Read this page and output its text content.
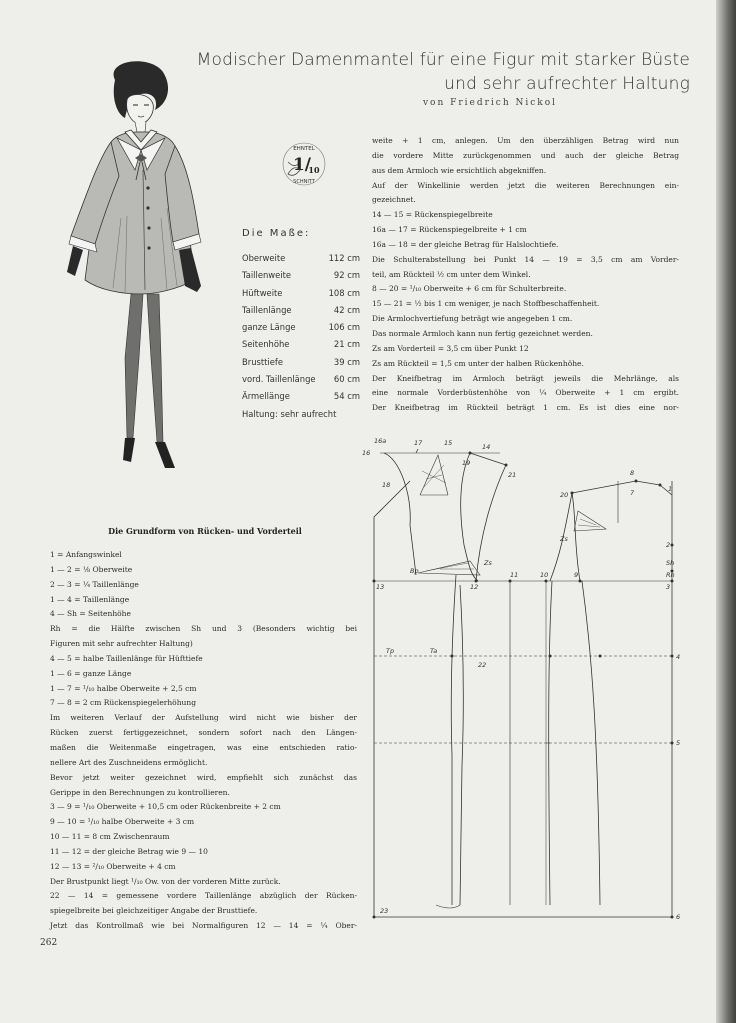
Modischer Damenmantel für eine Figur mit starker Büste
und sehr aufrechter Haltung
von Friedrich Nickol
EHNTEL
1/
10
SCHNITT
Die Maße:
Oberweite	112 cm
Taillenweite	92 cm
Hüftweite	108 cm
Taillenlänge	42 cm
ganze Länge	106 cm
Seitenhöhe	21 cm
Brusttiefe	39 cm
vord. Taillenlänge 60 cm
Ärmellänge	54 cm
Haltung: sehr aufrecht

weite + 1 cm, anlegen. Um den überzähligen Betrag wird nun

die vordere Mitte zurückgenommen und auch der gleiche Betrag

aus dem Armloch wie ersichtlich abgekniffen.

Auf der Winkellinie werden jetzt die weiteren Berechnungen ein-

gezeichnet.

14 — 15 = Rückenspiegelbreite

16a — 17 = Rückenspiegelbreite + 1 cm

16a — 18 = der gleiche Betrag für Halslochtiefe.

Die Schulterabstellung bei Punkt 14 — 19 = 3,5 cm am Vorder-

teil, am Rückteil ½ cm unter dem Winkel.

8 — 20 = ¹/₁₀ Oberweite + 6 cm für Schulterbreite.

15 — 21 = ½ bis 1 cm weniger, je nach Stoffbeschaffenheit.

Die Armlochvertiefung beträgt wie angegeben 1 cm.

Das normale Armloch kann nun fertig gezeichnet werden.

Zs am Vorderteil = 3,5 cm über Punkt 12

Zs am Rückteil = 1,5 cm unter der halben Rückenhöhe.

Der Kneifbetrag im Armloch beträgt jeweils die Mehrlänge, als

eine normale Vorderbüstenhöhe von ¼ Oberweite + 1 cm ergibt.

Der Kneifbetrag im Rückteil beträgt 1 cm. Es ist dies eine nor-

Die Grundform von Rücken- und Vorderteil

1 = Anfangswinkel

1 — 2 = ⅛ Oberweite

2 — 3 = ¼ Taillenlänge

1 — 4 = Taillenlänge

4 — Sh = Seitenhöhe

Rh = die Hälfte zwischen Sh und 3 (Besonders wichtig bei

Figuren mit sehr aufrechter Haltung)

4 — 5 = halbe Taillenlänge für Hüfttiefe

1 — 6 = ganze Länge

1 — 7 = ¹/₁₀ halbe Oberweite + 2,5 cm

7 — 8 = 2 cm Rückenspiegelerhöhung

Im weiteren Verlauf der Aufstellung wird nicht wie bisher der

Rücken zuerst fertiggezeichnet, sondern sofort nach den Längen-

maßen die Weitenmaße eingetragen, was eine entschieden ratio-

nellere Art des Zuschneidens ermöglicht.

Bevor jetzt weiter gezeichnet wird, empfiehlt sich zunächst das

Gerippe in den Berechnungen zu kontrollieren.

3 — 9 = ¹/₁₀ Oberweite + 10,5 cm oder Rückenbreite + 2 cm

9 — 10 = ¹/₁₀ halbe Oberweite + 3 cm

10 — 11 = 8 cm Zwischenraum

11 — 12 = der gleiche Betrag wie 9 — 10

12 — 13 = ²/₁₀ Oberweite + 4 cm

Der Brustpunkt liegt ¹/₁₀ Ow. von der vorderen Mitte zurück.

22 — 14 = gemessene vordere Taillenlänge abzüglich der Rücken-

spiegelbreite bei gleichzeitiger Angabe der Brusttiefe.

Jetzt das Kontrollmaß wie bei Normalfiguren 12 — 14 = ¼ Ober-

262
16a
16
17	15	14
18
19
21	8
7	1
20
2
Zs
Zs
Bp
13	12
11	10	9
Sh
Rh
3
Tp	Ta
22
4
5
23
6
